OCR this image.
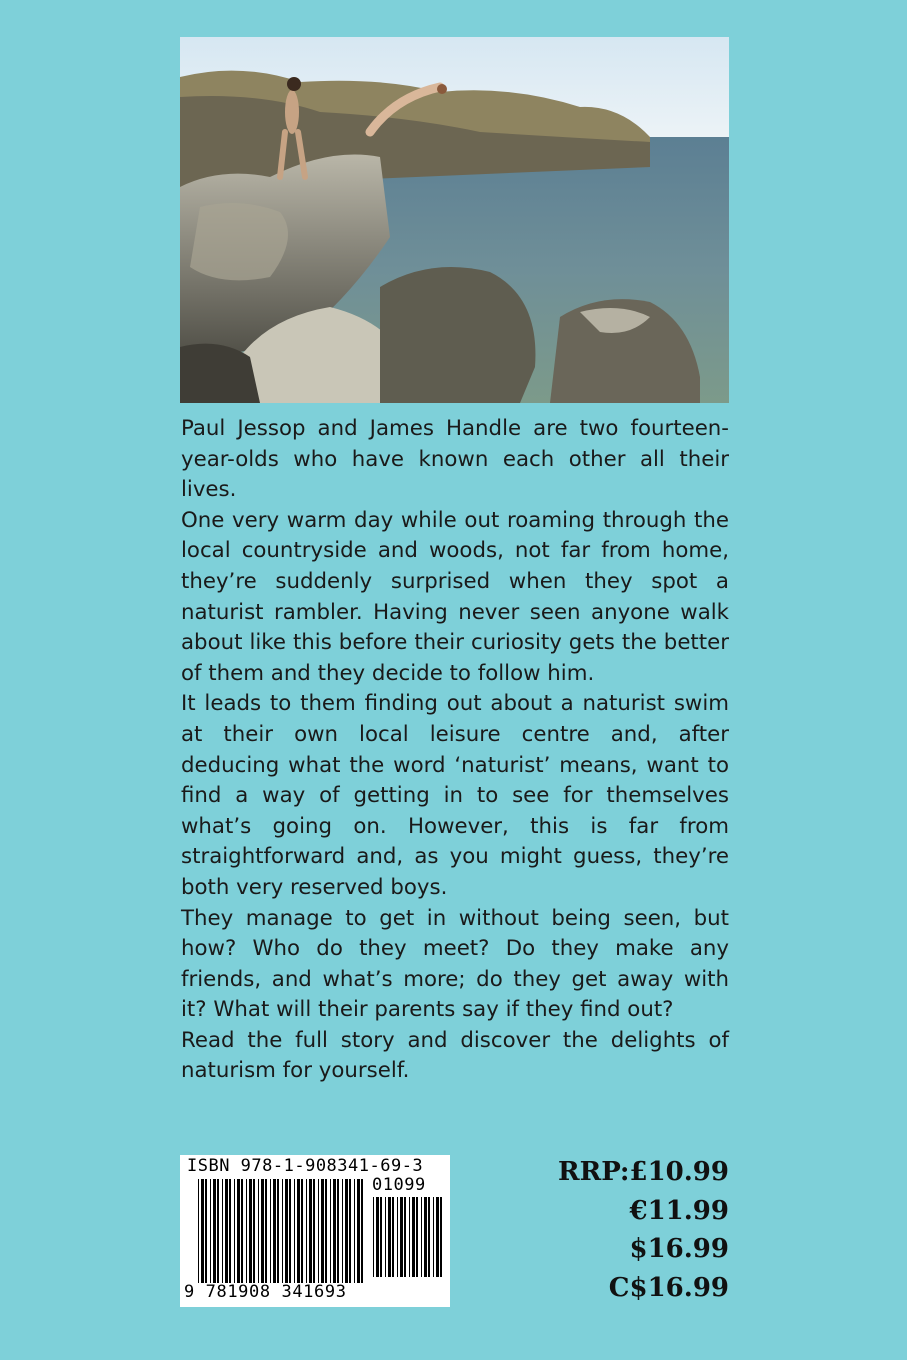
Paul Jessop and James Handle are two fourteen-year-olds who have known each other all their lives.

One very warm day while out roaming through the local countryside and woods, not far from home, they’re suddenly surprised when they spot a naturist rambler. Having never seen anyone walk about like this before their curiosity gets the better of them and they decide to follow him.

It leads to them finding out about a naturist swim at their own local leisure centre and, after deducing what the word ‘naturist’ means, want to find a way of getting in to see for themselves what’s going on. However, this is far from straightforward and, as you might guess, they’re both very reserved boys.

They manage to get in without being seen, but how? Who do they meet? Do they make any friends, and what’s more; do they get away with it? What will their parents say if they find out?

Read the full story and discover the delights of naturism for yourself.

ISBN 978-1-908341-69-3
01099
9 781908 341693
RRP:£10.99
€11.99
$16.99
C$16.99
